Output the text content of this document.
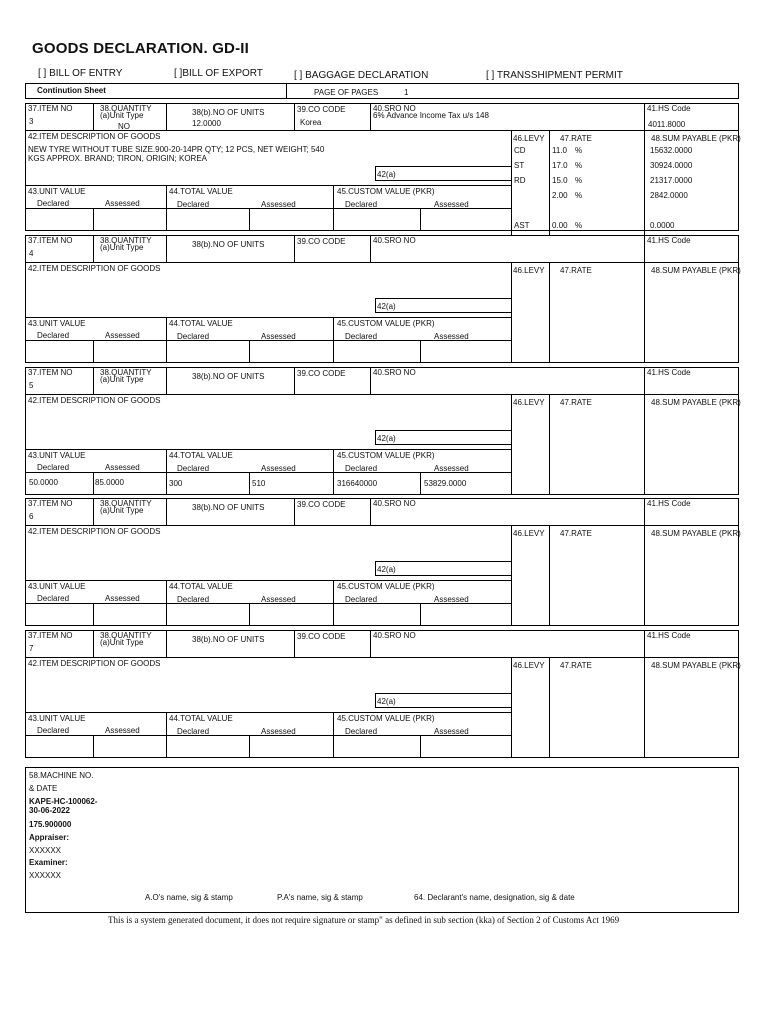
GOODS DECLARATION. GD-II
[ ] BILL OF ENTRY	[ ]BILL OF EXPORT	[ ] BAGGAGE DECLARATION	[ ] TRANSSHIPMENT PERMIT
Continution Sheet	PAGE OF PAGES	1
37.ITEM NO
3
38.QUANTITY
(a)Unit Type
NO
38(b).NO OF UNITS
12.0000
39.CO CODE
Korea
40.SRO NO
6% Advance Income Tax u/s 148
41.HS Code
4011.8000
42.ITEM DESCRIPTION OF GOODS
NEW TYRE WITHOUT TUBE SIZE.900-20-14PR QTY; 12 PCS, NET WEIGHT; 540
KGS APPROX. BRAND; TIRON, ORIGIN; KOREA
42(a)
46.LEVY 47.RATE	48.SUM PAYABLE (PKR)
CD	11.0 %	15632.0000
ST	17.0 %	30924.0000
RD	15.0 %	21317.0000
2.00 %	2842.0000
AST	0.00 %	0.0000
43.UNIT VALUE	44.TOTAL VALUE	45.CUSTOM VALUE (PKR)
Declared	Assessed	Declared	Assessed	Declared	Assessed
37.ITEM NO
4
38.QUANTITY
(a)Unit Type	38(b).NO OF UNITS	39.CO CODE	40.SRO NO	41.HS Code
42.ITEM DESCRIPTION OF GOODS
42(a)
46.LEVY 47.RATE	48.SUM PAYABLE (PKR)
43.UNIT VALUE	44.TOTAL VALUE	45.CUSTOM VALUE (PKR)
Declared	Assessed	Declared	Assessed	Declared	Assessed
37.ITEM NO
5
38.QUANTITY
(a)Unit Type	38(b).NO OF UNITS	39.CO CODE	40.SRO NO	41.HS Code
42.ITEM DESCRIPTION OF GOODS
42(a)
46.LEVY 47.RATE	48.SUM PAYABLE (PKR)
43.UNIT VALUE	44.TOTAL VALUE	45.CUSTOM VALUE (PKR)
Declared	Assessed	Declared	Assessed	Declared	Assessed
50.0000	85.0000	300	510	316640000	53829.0000
37.ITEM NO
6
38.QUANTITY
(a)Unit Type	38(b).NO OF UNITS	39.CO CODE	40.SRO NO	41.HS Code
42.ITEM DESCRIPTION OF GOODS
42(a)
46.LEVY 47.RATE	48.SUM PAYABLE (PKR)
43.UNIT VALUE	44.TOTAL VALUE	45.CUSTOM VALUE (PKR)
Declared	Assessed	Declared	Assessed	Declared	Assessed
37.ITEM NO
7
38.QUANTITY
(a)Unit Type	38(b).NO OF UNITS	39.CO CODE	40.SRO NO	41.HS Code
42.ITEM DESCRIPTION OF GOODS
42(a)
46.LEVY 47.RATE	48.SUM PAYABLE (PKR)
43.UNIT VALUE	44.TOTAL VALUE	45.CUSTOM VALUE (PKR)
Declared	Assessed	Declared	Assessed	Declared	Assessed
58.MACHINE NO.
& DATE
KAPE-HC-100062-
30-06-2022
175.900000
Appraiser:
XXXXXX
Examiner:
XXXXXX
A.O's name, sig & stamp	P.A's name, sig & stamp	64. Declarant's name, designation, sig & date
This is a system generated document, it does not require signature or stamp" as defined in sub section (kka) of Section 2 of Customs Act 1969
